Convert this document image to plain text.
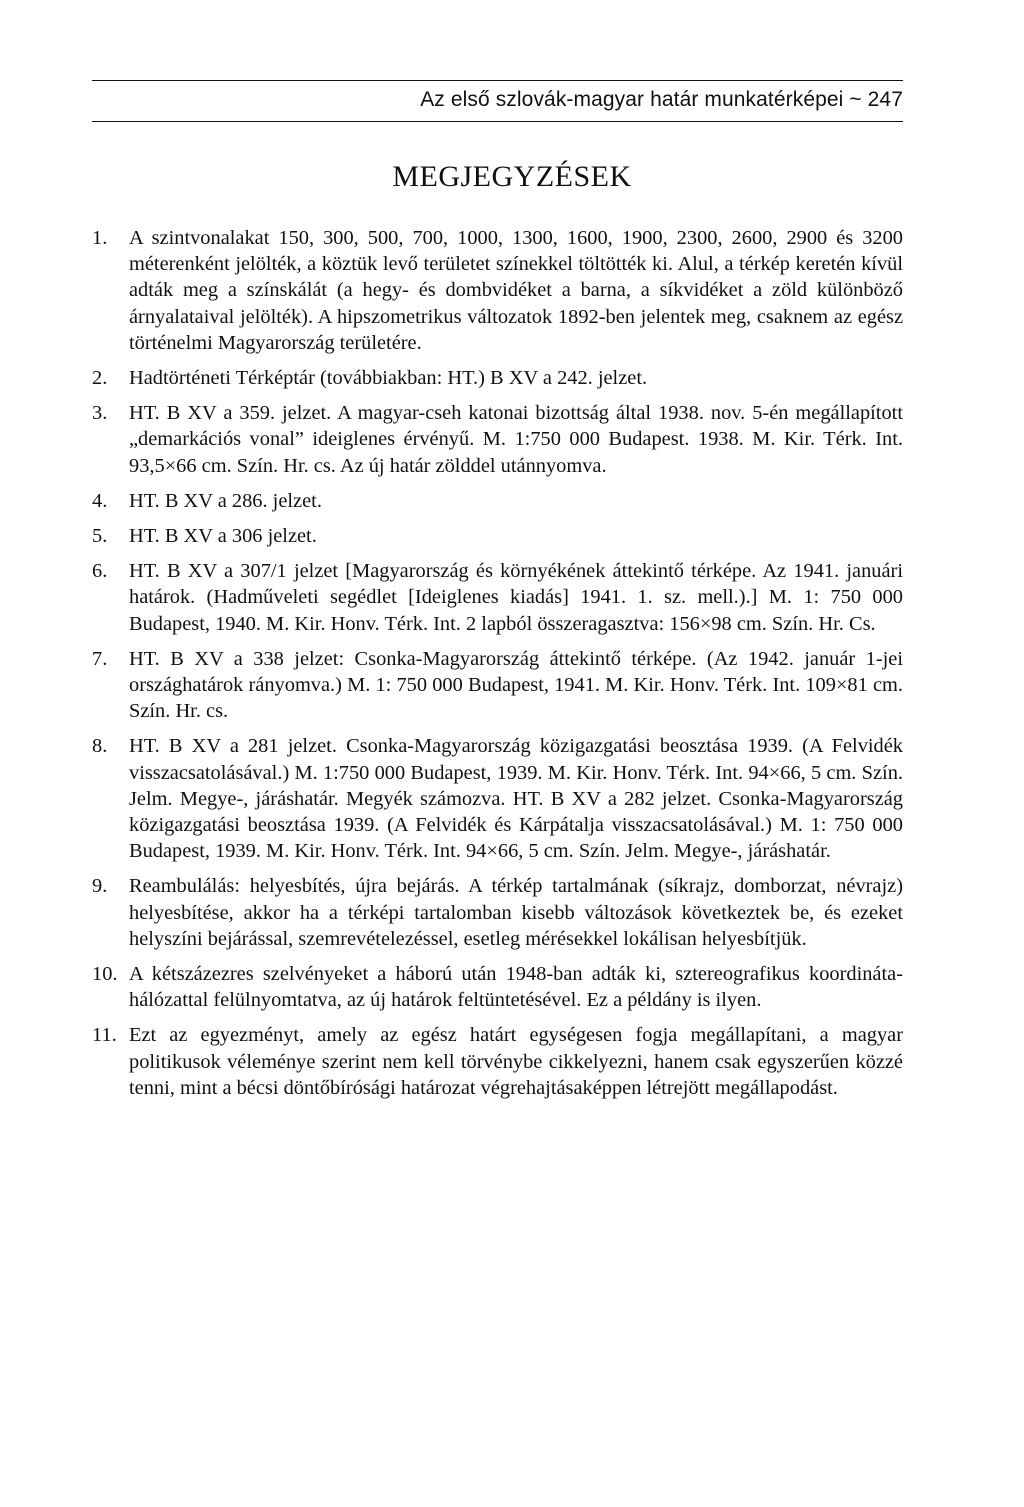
Az első szlovák-magyar határ munkatérképei ~ 247
MEGJEGYZÉSEK
1.	A szintvonalakat 150, 300, 500, 700, 1000, 1300, 1600, 1900, 2300, 2600, 2900 és 3200 méterenként jelölték, a köztük levő területet színekkel töltötték ki. Alul, a térkép keretén kívül adták meg a színskálát (a hegy- és dombvidéket a barna, a síkvidéket a zöld különböző árnyalataival jelölték). A hipszometrikus változatok 1892-ben jelentek meg, csaknem az egész történelmi Magyarország területére.
2.	Hadtörténeti Térképtár (továbbiakban: HT.) B XV a 242. jelzet.
3.	HT. B XV a 359. jelzet. A magyar-cseh katonai bizottság által 1938. nov. 5-én megállapított „demarkációs vonal” ideiglenes érvényű. M. 1:750 000 Budapest. 1938. M. Kir. Térk. Int. 93,5×66 cm. Szín. Hr. cs. Az új határ zölddel utánnyomva.
4.	HT. B XV a 286. jelzet.
5.	HT. B XV a 306 jelzet.
6.	HT. B XV a 307/1 jelzet [Magyarország és környékének áttekintő térképe. Az 1941. januári határok. (Hadműveleti segédlet [Ideiglenes kiadás] 1941. 1. sz. mell.).] M. 1: 750 000 Budapest, 1940. M. Kir. Honv. Térk. Int. 2 lapból összeragasztva: 156×98 cm. Szín. Hr. Cs.
7.	HT. B XV a 338 jelzet: Csonka-Magyarország áttekintő térképe. (Az 1942. január 1-jei országhatárok rányomva.) M. 1: 750 000 Budapest, 1941. M. Kir. Honv. Térk. Int. 109×81 cm. Szín. Hr. cs.
8.	HT. B XV a 281 jelzet. Csonka-Magyarország közigazgatási beosztása 1939. (A Felvidék visszacsatolásával.) M. 1:750 000 Budapest, 1939. M. Kir. Honv. Térk. Int. 94×66, 5 cm. Szín. Jelm. Megye-, járáshatár. Megyék számozva. HT. B XV a 282 jelzet. Csonka-Magyarország közigazgatási beosztása 1939. (A Felvidék és Kárpátalja visszacsatolásával.) M. 1: 750 000 Budapest, 1939. M. Kir. Honv. Térk. Int. 94×66, 5 cm. Szín. Jelm. Megye-, járáshatár.
9.	Reambulálás: helyesbítés, újra bejárás. A térkép tartalmának (síkrajz, domborzat, névrajz) helyesbítése, akkor ha a térképi tartalomban kisebb változások következtek be, és ezeket helyszíni bejárással, szemrevételezéssel, esetleg mérésekkel lokálisan helyesbítjük.
10. A kétszázezres szelvényeket a háború után 1948-ban adták ki, sztereografikus koordináta-hálózattal felülnyomtatva, az új határok feltüntetésével. Ez a példány is ilyen.
11. Ezt az egyezményt, amely az egész határt egységesen fogja megállapítani, a magyar politikusok véleménye szerint nem kell törvénybe cikkelyezni, hanem csak egyszerűen közzé tenni, mint a bécsi döntőbírósági határozat végrehajtásaképpen létrejött megállapodást.
